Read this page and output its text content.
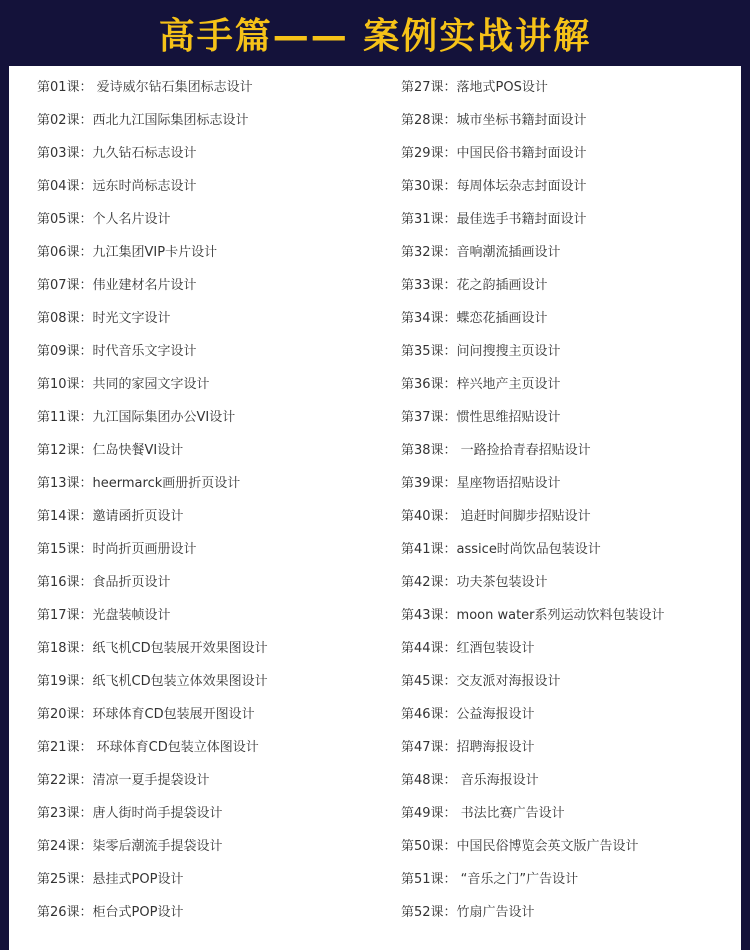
高手篇—— 案例实战讲解
第01课： 爱诗威尔钻石集团标志设计
第02课：西北九江国际集团标志设计
第03课：九久钻石标志设计
第04课：远东时尚标志设计
第05课：个人名片设计
第06课：九江集团VIP卡片设计
第07课：伟业建材名片设计
第08课：时光文字设计
第09课：时代音乐文字设计
第10课：共同的家园文字设计
第11课：九江国际集团办公VI设计
第12课：仁岛快餐VI设计
第13课：heermarck画册折页设计
第14课：邀请函折页设计
第15课：时尚折页画册设计
第16课：食品折页设计
第17课：光盘装帧设计
第18课：纸飞机CD包装展开效果图设计
第19课：纸飞机CD包装立体效果图设计
第20课：环球体育CD包装展开图设计
第21课： 环球体育CD包装立体图设计
第22课：清凉一夏手提袋设计
第23课：唐人街时尚手提袋设计
第24课：柒零后潮流手提袋设计
第25课：悬挂式POP设计
第26课：柜台式POP设计
第27课：落地式POS设计
第28课：城市坐标书籍封面设计
第29课：中国民俗书籍封面设计
第30课：每周体坛杂志封面设计
第31课：最佳选手书籍封面设计
第32课：音响潮流插画设计
第33课：花之韵插画设计
第34课：蝶恋花插画设计
第35课：问问搜搜主页设计
第36课：梓兴地产主页设计
第37课：惯性思维招贴设计
第38课： 一路捡拾青春招贴设计
第39课：星座物语招贴设计
第40课： 追赶时间脚步招贴设计
第41课：assice时尚饮品包装设计
第42课：功夫茶包装设计
第43课：moon water系列运动饮料包装设计
第44课：红酒包装设计
第45课：交友派对海报设计
第46课：公益海报设计
第47课：招聘海报设计
第48课： 音乐海报设计
第49课： 书法比赛广告设计
第50课：中国民俗博览会英文版广告设计
第51课： “音乐之门”广告设计
第52课：竹扇广告设计
